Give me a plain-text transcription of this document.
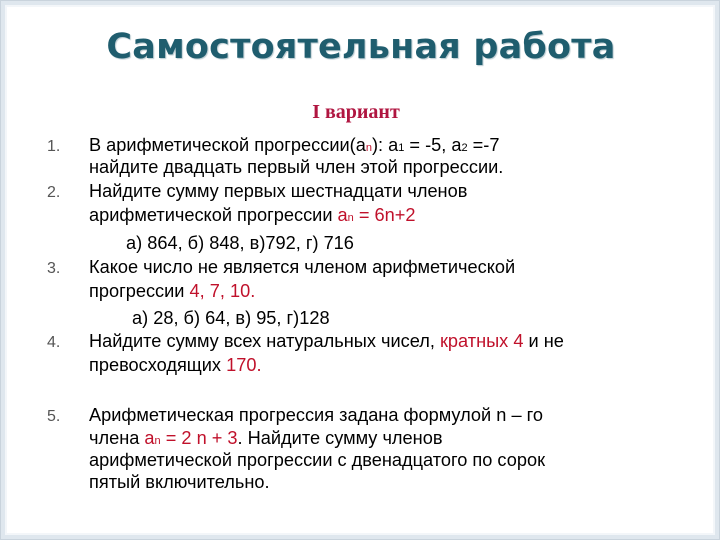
Самостоятельная работа
I вариант
1. В арифметической прогрессии(an): a1 = -5, a2 =-7
найдите двадцать первый член этой прогрессии.
2. Найдите сумму первых шестнадцати членов
арифметической прогрессии an = 6n+2
а) 864, б) 848, в)792, г) 716
3. Какое число не является членом арифметической
прогрессии 4, 7, 10.
а) 28, б) 64, в) 95, г)128
4. Найдите сумму всех натуральных чисел, кратных 4 и не
превосходящих 170.
5. Арифметическая прогрессия задана формулой n – го
члена an = 2 n + 3. Найдите сумму членов
арифметической прогрессии с двенадцатого по сорок
пятый включительно.
